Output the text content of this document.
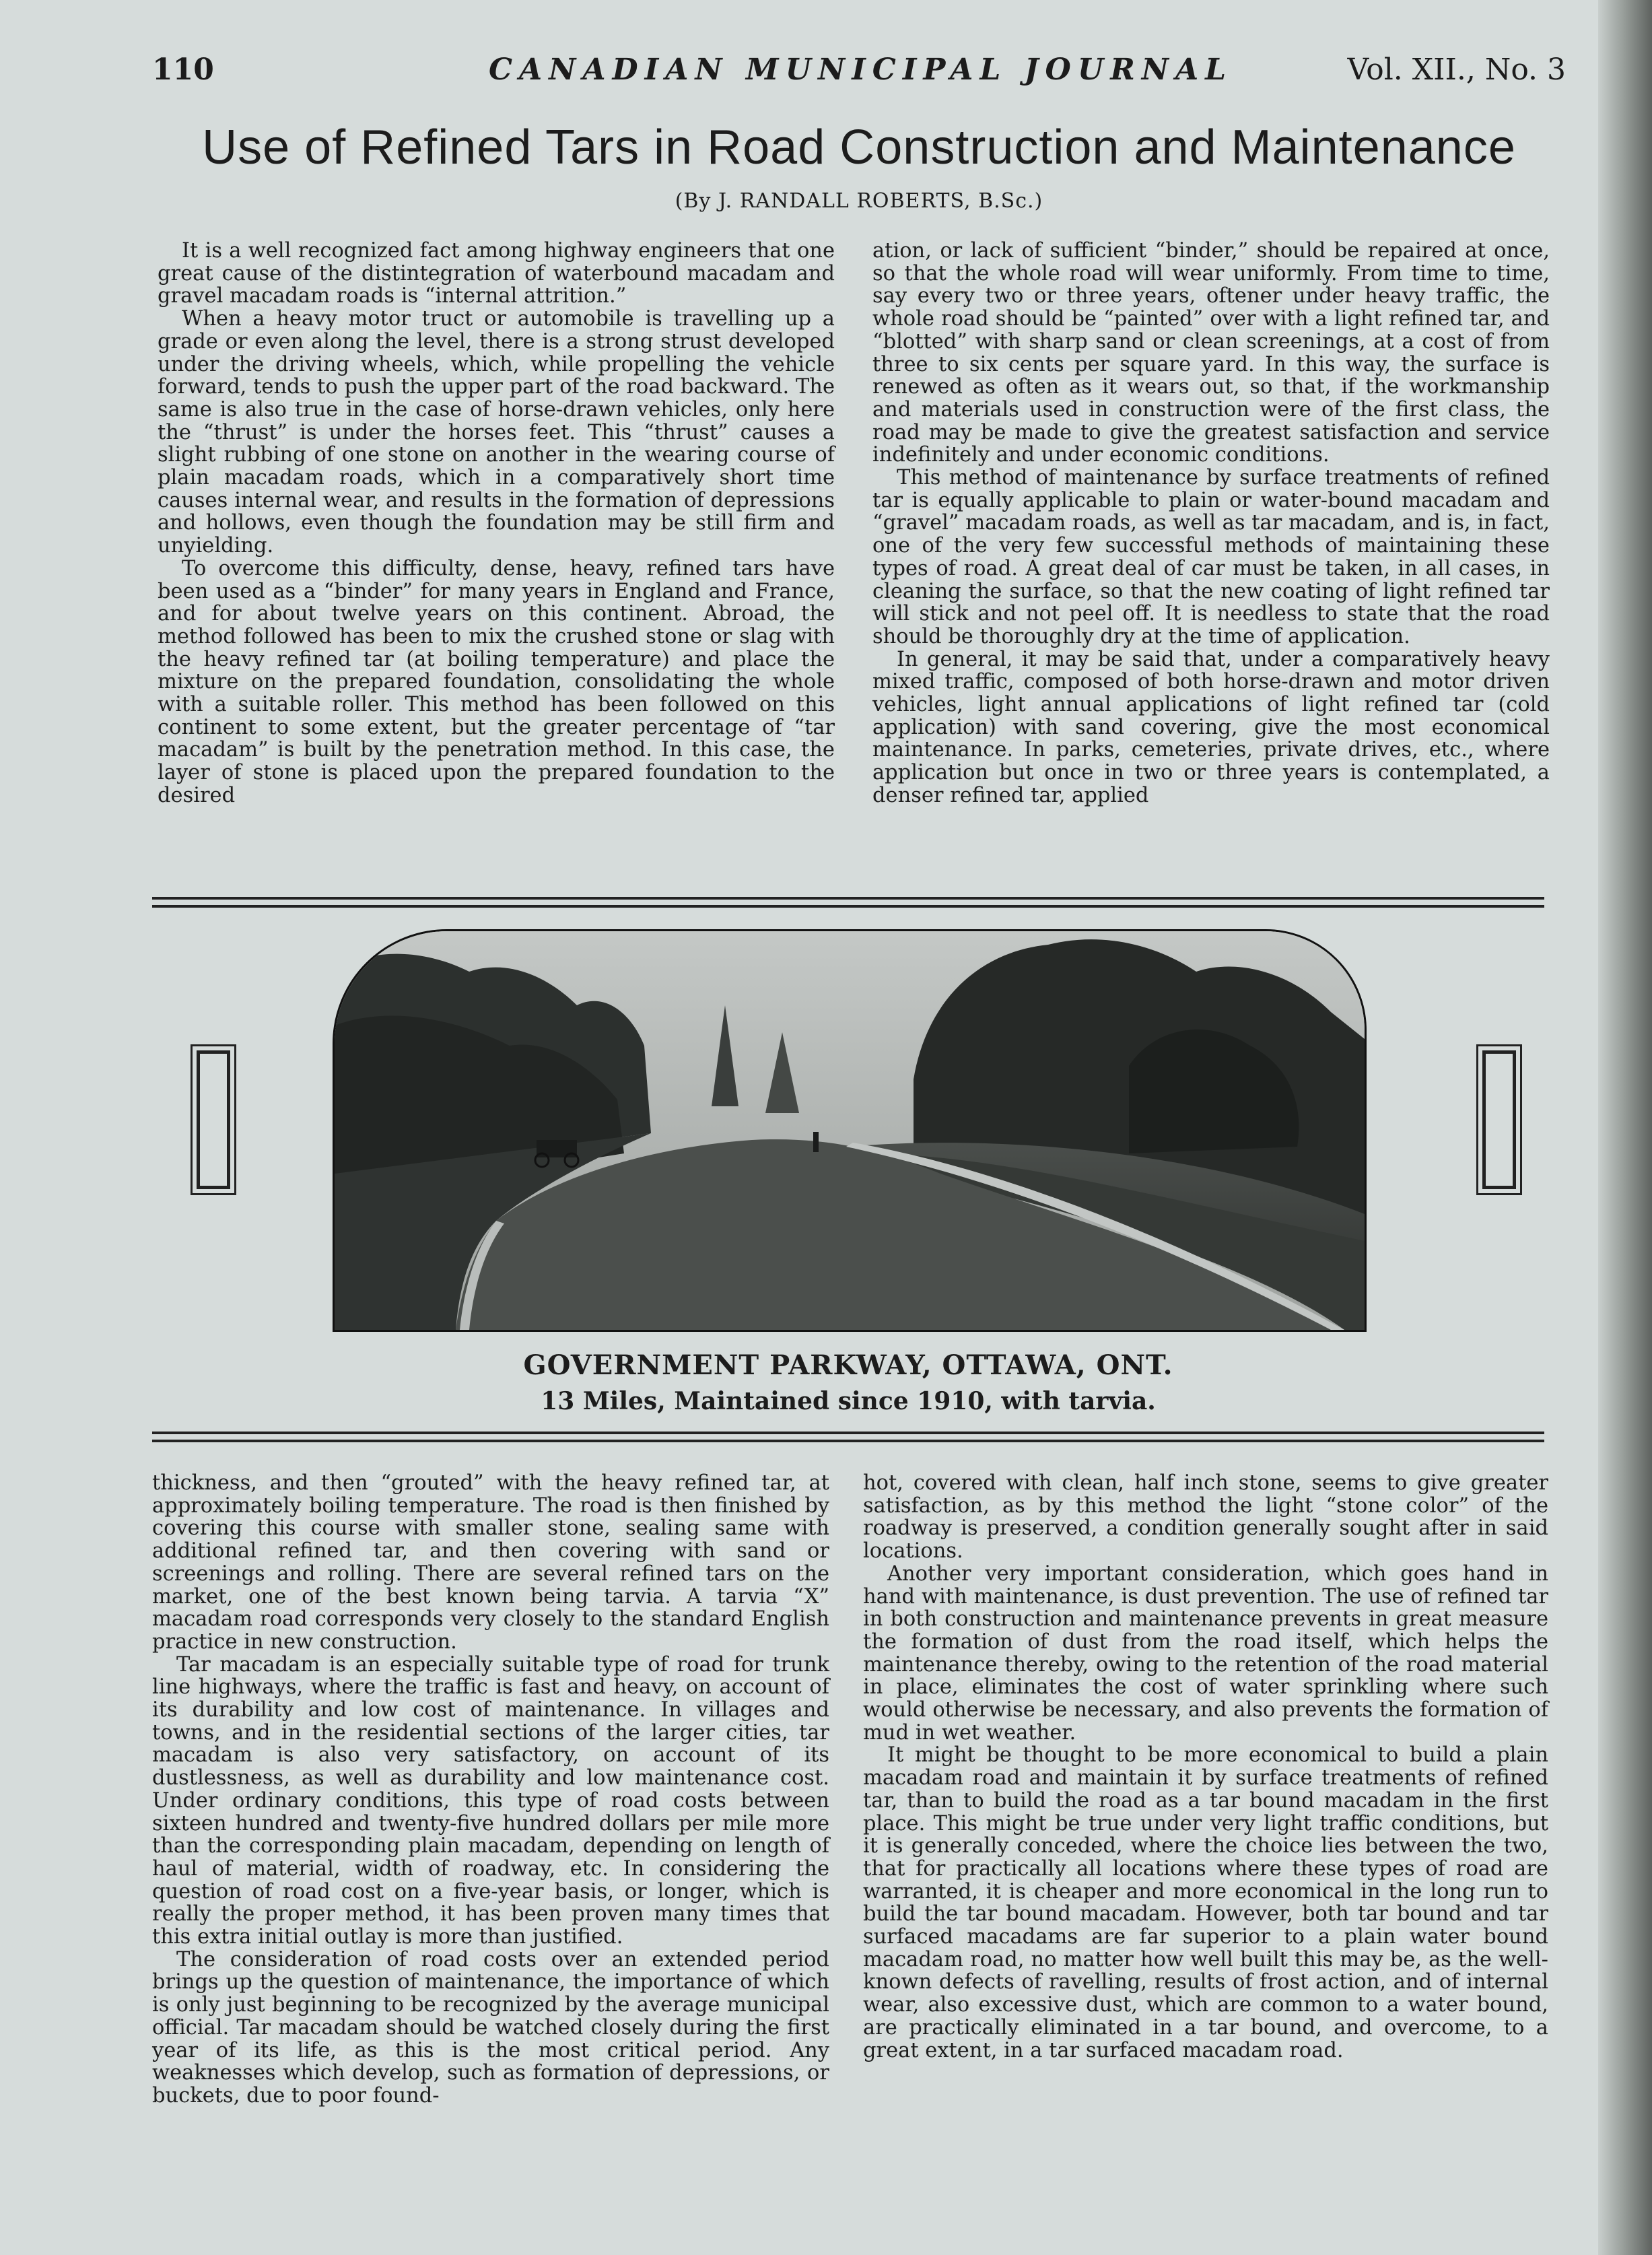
110	CANADIAN MUNICIPAL JOURNAL	Vol. XII., No. 3
Use of Refined Tars in Road Construction and Maintenance
(By J. RANDALL ROBERTS, B.Sc.)

It is a well recognized fact among highway engineers that one great cause of the distintegration of waterbound macadam and gravel macadam roads is “internal attrition.”

When a heavy motor truct or automobile is travelling up a grade or even along the level, there is a strong strust developed under the driving wheels, which, while propelling the vehicle forward, tends to push the upper part of the road backward. The same is also true in the case of horse-drawn vehicles, only here the “thrust” is under the horses feet. This “thrust” causes a slight rubbing of one stone on another in the wearing course of plain macadam roads, which in a comparatively short time causes internal wear, and results in the formation of depressions and hollows, even though the foundation may be still firm and unyielding.

To overcome this difficulty, dense, heavy, refined tars have been used as a “binder” for many years in England and France, and for about twelve years on this continent. Abroad, the method followed has been to mix the crushed stone or slag with the heavy refined tar (at boiling temperature) and place the mixture on the prepared foundation, consolidating the whole with a suitable roller. This method has been followed on this continent to some extent, but the greater percentage of “tar macadam” is built by the penetration method. In this case, the layer of stone is placed upon the prepared foundation to the desired

ation, or lack of sufficient “binder,” should be repaired at once, so that the whole road will wear uniformly. From time to time, say every two or three years, oftener under heavy traffic, the whole road should be “painted” over with a light refined tar, and “blotted” with sharp sand or clean screenings, at a cost of from three to six cents per square yard. In this way, the surface is renewed as often as it wears out, so that, if the workmanship and materials used in construction were of the first class, the road may be made to give the greatest satisfaction and service indefinitely and under economic conditions.

This method of maintenance by surface treatments of refined tar is equally applicable to plain or water-bound macadam and “gravel” macadam roads, as well as tar macadam, and is, in fact, one of the very few successful methods of maintaining these types of road. A great deal of car must be taken, in all cases, in cleaning the surface, so that the new coating of light refined tar will stick and not peel off. It is needless to state that the road should be thoroughly dry at the time of application.

In general, it may be said that, under a comparatively heavy mixed traffic, composed of both horse-drawn and motor driven vehicles, light annual applications of light refined tar (cold application) with sand covering, give the most economical maintenance. In parks, cemeteries, private drives, etc., where application but once in two or three years is contemplated, a denser refined tar, applied

GOVERNMENT PARKWAY, OTTAWA, ONT.
13 Miles, Maintained since 1910, with tarvia.

thickness, and then “grouted” with the heavy refined tar, at approximately boiling temperature. The road is then finished by covering this course with smaller stone, sealing same with additional refined tar, and then covering with sand or screenings and rolling. There are several refined tars on the market, one of the best known being tarvia. A tarvia “X” macadam road corresponds very closely to the standard English practice in new construction.

Tar macadam is an especially suitable type of road for trunk line highways, where the traffic is fast and heavy, on account of its durability and low cost of maintenance. In villages and towns, and in the residential sections of the larger cities, tar macadam is also very satisfactory, on account of its dustlessness, as well as durability and low maintenance cost. Under ordinary conditions, this type of road costs between sixteen hundred and twenty-five hundred dollars per mile more than the corresponding plain macadam, depending on length of haul of material, width of roadway, etc. In considering the question of road cost on a five-year basis, or longer, which is really the proper method, it has been proven many times that this extra initial outlay is more than justified.

The consideration of road costs over an extended period brings up the question of maintenance, the importance of which is only just beginning to be recognized by the average municipal official. Tar macadam should be watched closely during the first year of its life, as this is the most critical period. Any weaknesses which develop, such as formation of depressions, or buckets, due to poor found-

hot, covered with clean, half inch stone, seems to give greater satisfaction, as by this method the light “stone color” of the roadway is preserved, a condition generally sought after in said locations.

Another very important consideration, which goes hand in hand with maintenance, is dust prevention. The use of refined tar in both construction and maintenance prevents in great measure the formation of dust from the road itself, which helps the maintenance thereby, owing to the retention of the road material in place, eliminates the cost of water sprinkling where such would otherwise be necessary, and also prevents the formation of mud in wet weather.

It might be thought to be more economical to build a plain macadam road and maintain it by surface treatments of refined tar, than to build the road as a tar bound macadam in the first place. This might be true under very light traffic conditions, but it is generally conceded, where the choice lies between the two, that for practically all locations where these types of road are warranted, it is cheaper and more economical in the long run to build the tar bound macadam. However, both tar bound and tar surfaced macadams are far superior to a plain water bound macadam road, no matter how well built this may be, as the well-known defects of ravelling, results of frost action, and of internal wear, also excessive dust, which are common to a water bound, are practically eliminated in a tar bound, and overcome, to a great extent, in a tar surfaced macadam road.
